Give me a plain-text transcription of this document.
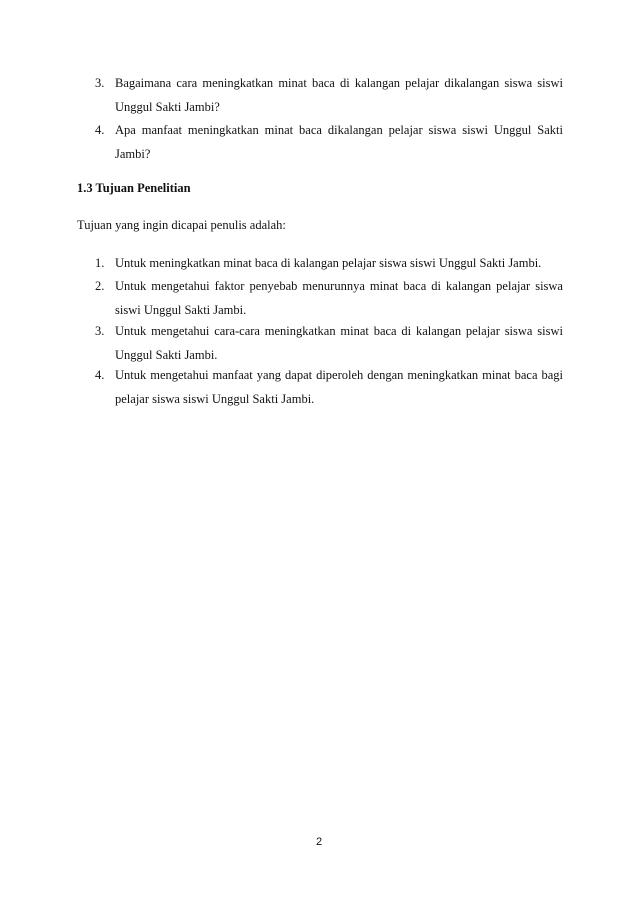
3. Bagaimana cara meningkatkan minat baca di kalangan pelajar dikalangan siswa siswi Unggul Sakti Jambi?
4. Apa manfaat meningkatkan minat baca dikalangan pelajar siswa siswi Unggul Sakti Jambi?
1.3 Tujuan Penelitian
Tujuan yang ingin dicapai penulis adalah:
1. Untuk meningkatkan minat baca di kalangan pelajar siswa siswi Unggul Sakti Jambi.
2. Untuk mengetahui faktor penyebab menurunnya minat baca di kalangan pelajar siswa siswi Unggul Sakti Jambi.
3. Untuk mengetahui cara-cara meningkatkan minat baca di kalangan pelajar siswa siswi Unggul Sakti Jambi.
4. Untuk mengetahui manfaat yang dapat diperoleh dengan meningkatkan minat baca bagi pelajar siswa siswi Unggul Sakti Jambi.
2
